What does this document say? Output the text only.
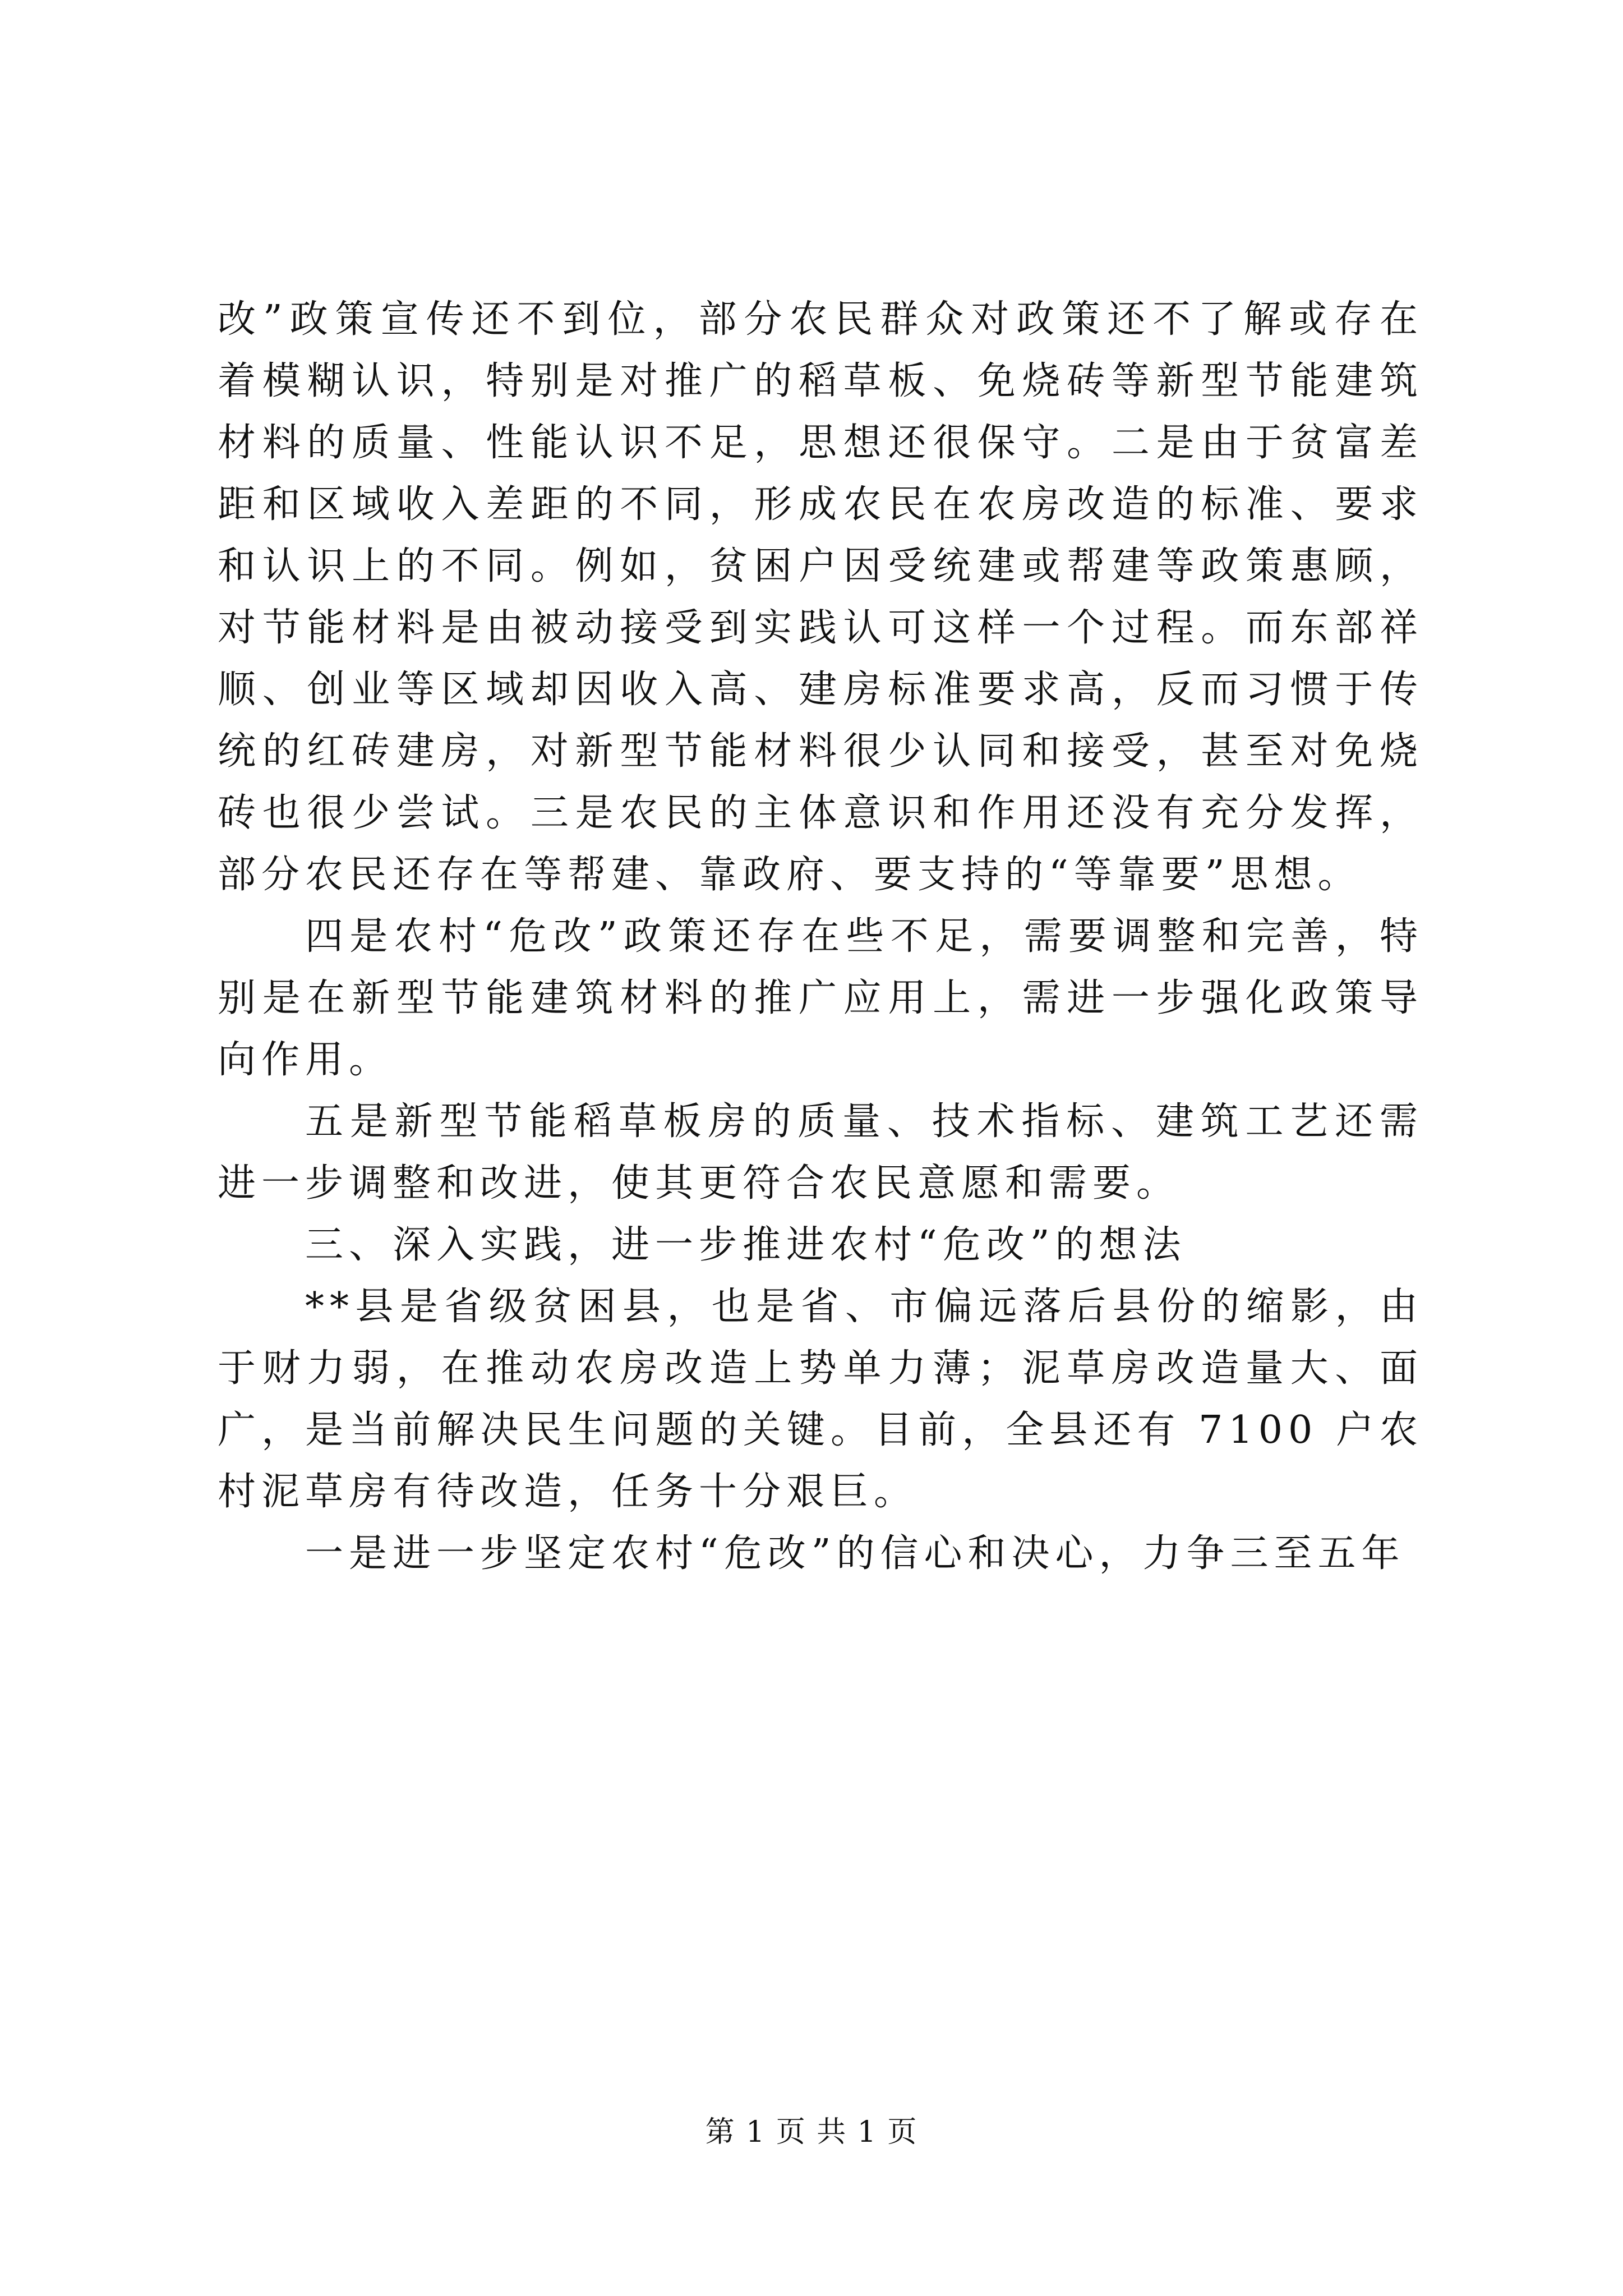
改”政策宣传还不到位，部分农民群众对政策还不了解或存在着模糊认识，特别是对推广的稻草板、免烧砖等新型节能建筑材料的质量、性能认识不足，思想还很保守。二是由于贫富差距和区域收入差距的不同，形成农民在农房改造的标准、要求和认识上的不同。例如，贫困户因受统建或帮建等政策惠顾，对节能材料是由被动接受到实践认可这样一个过程。而东部祥顺、创业等区域却因收入高、建房标准要求高，反而习惯于传统的红砖建房，对新型节能材料很少认同和接受，甚至对免烧砖也很少尝试。三是农民的主体意识和作用还没有充分发挥，部分农民还存在等帮建、靠政府、要支持的“等靠要”思想。

四是农村“危改”政策还存在些不足，需要调整和完善，特别是在新型节能建筑材料的推广应用上，需进一步强化政策导向作用。

五是新型节能稻草板房的质量、技术指标、建筑工艺还需进一步调整和改进，使其更符合农民意愿和需要。

三、深入实践，进一步推进农村“危改”的想法

**县是省级贫困县，也是省、市偏远落后县份的缩影，由于财力弱，在推动农房改造上势单力薄；泥草房改造量大、面广，是当前解决民生问题的关键。目前，全县还有 7100 户农村泥草房有待改造，任务十分艰巨。

一是进一步坚定农村“危改”的信心和决心，力争三至五年

第 1 页 共 1 页
